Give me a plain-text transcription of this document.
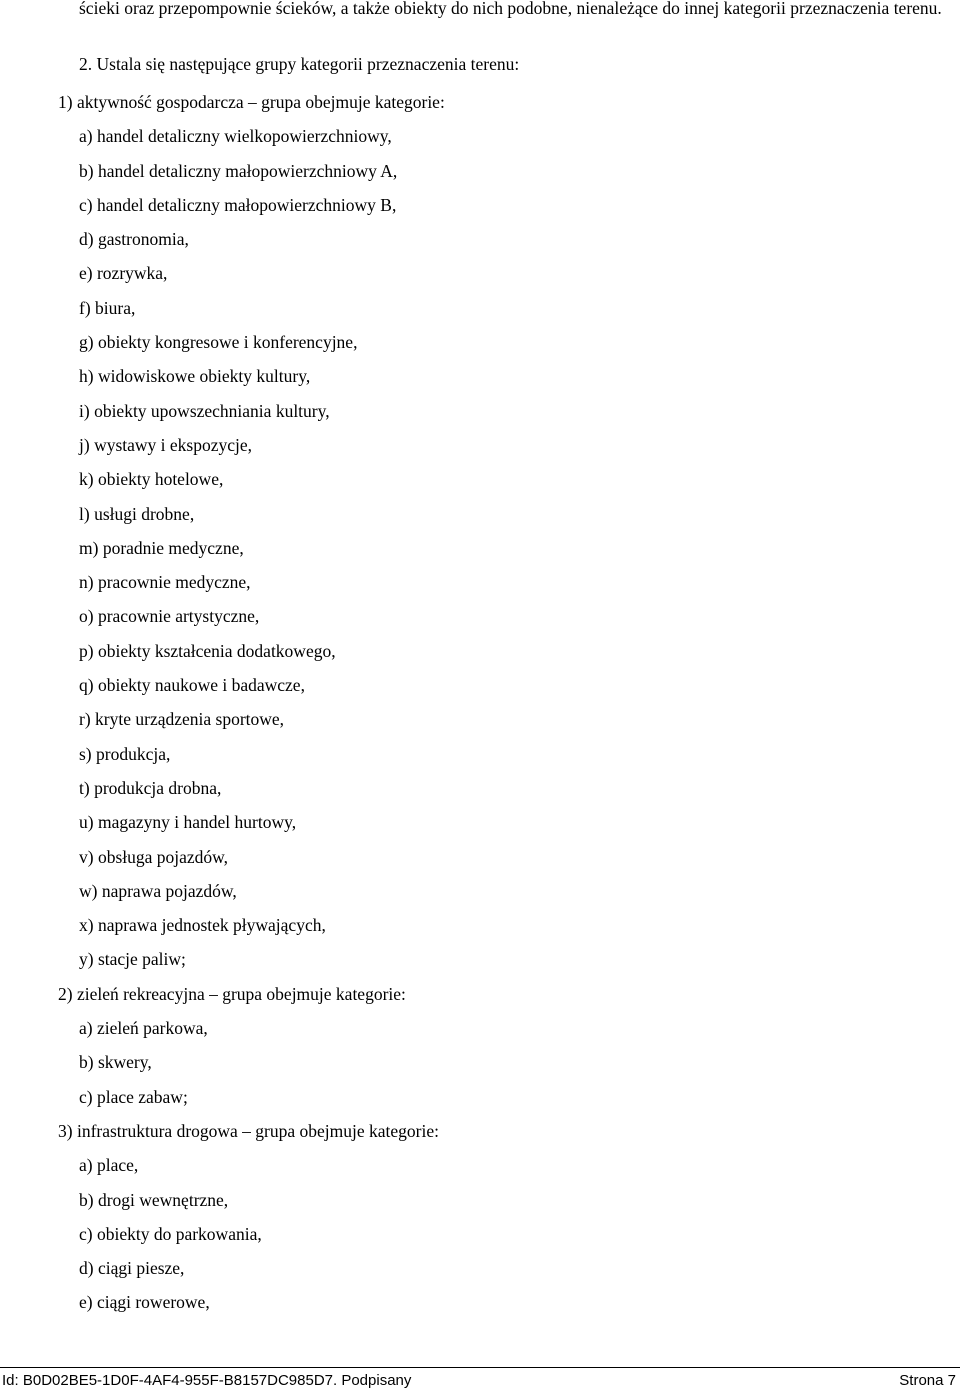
ścieki oraz przepompownie ścieków, a także obiekty do nich podobne, nienależące do innej kategorii przeznaczenia terenu.

2. Ustala się następujące grupy kategorii przeznaczenia terenu:

1) aktywność gospodarcza – grupa obejmuje kategorie:
a) handel detaliczny wielkopowierzchniowy,
b) handel detaliczny małopowierzchniowy A,
c) handel detaliczny małopowierzchniowy B,
d) gastronomia,
e) rozrywka,
f) biura,
g) obiekty kongresowe i konferencyjne,
h) widowiskowe obiekty kultury,
i) obiekty upowszechniania kultury,
j) wystawy i ekspozycje,
k) obiekty hotelowe,
l) usługi drobne,
m) poradnie medyczne,
n) pracownie medyczne,
o) pracownie artystyczne,
p) obiekty kształcenia dodatkowego,
q) obiekty naukowe i badawcze,
r) kryte urządzenia sportowe,
s) produkcja,
t) produkcja drobna,
u) magazyny i handel hurtowy,
v) obsługa pojazdów,
w) naprawa pojazdów,
x) naprawa jednostek pływających,
y) stacje paliw;
2) zieleń rekreacyjna – grupa obejmuje kategorie:
a) zieleń parkowa,
b) skwery,
c) place zabaw;
3) infrastruktura drogowa – grupa obejmuje kategorie:
a) place,
b) drogi wewnętrzne,
c) obiekty do parkowania,
d) ciągi piesze,
e) ciągi rowerowe,
Id: B0D02BE5-1D0F-4AF4-955F-B8157DC985D7. Podpisany	Strona 7
